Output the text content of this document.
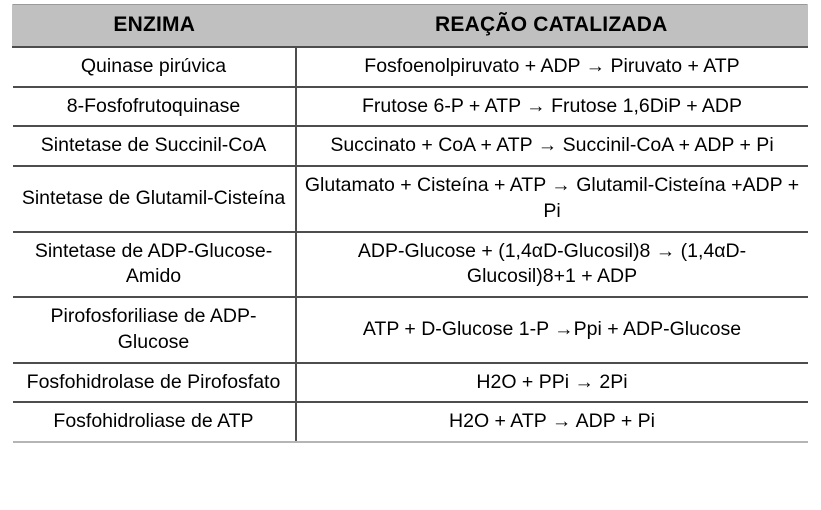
ENZIMA	REAÇÃO CATALIZADA
Quinase pirúvica	Fosfoenolpiruvato + ADP → Piruvato + ATP
8-Fosfofrutoquinase	Frutose 6-P + ATP → Frutose 1,6DiP + ADP
Sintetase de Succinil-CoA	Succinato + CoA + ATP → Succinil-CoA + ADP + Pi
Sintetase de Glutamil-Cisteína	Glutamato + Cisteína + ATP → Glutamil-Cisteína +ADP + Pi
Sintetase de ADP-Glucose-Amido	ADP-Glucose + (1,4αD-Glucosil)8 → (1,4αD-Glucosil)8+1 + ADP
Pirofosforiliase de ADP-Glucose	ATP + D-Glucose 1-P →Ppi + ADP-Glucose
Fosfohidrolase de Pirofosfato	H2O + PPi → 2Pi
Fosfohidroliase de ATP	H2O + ATP → ADP + Pi
